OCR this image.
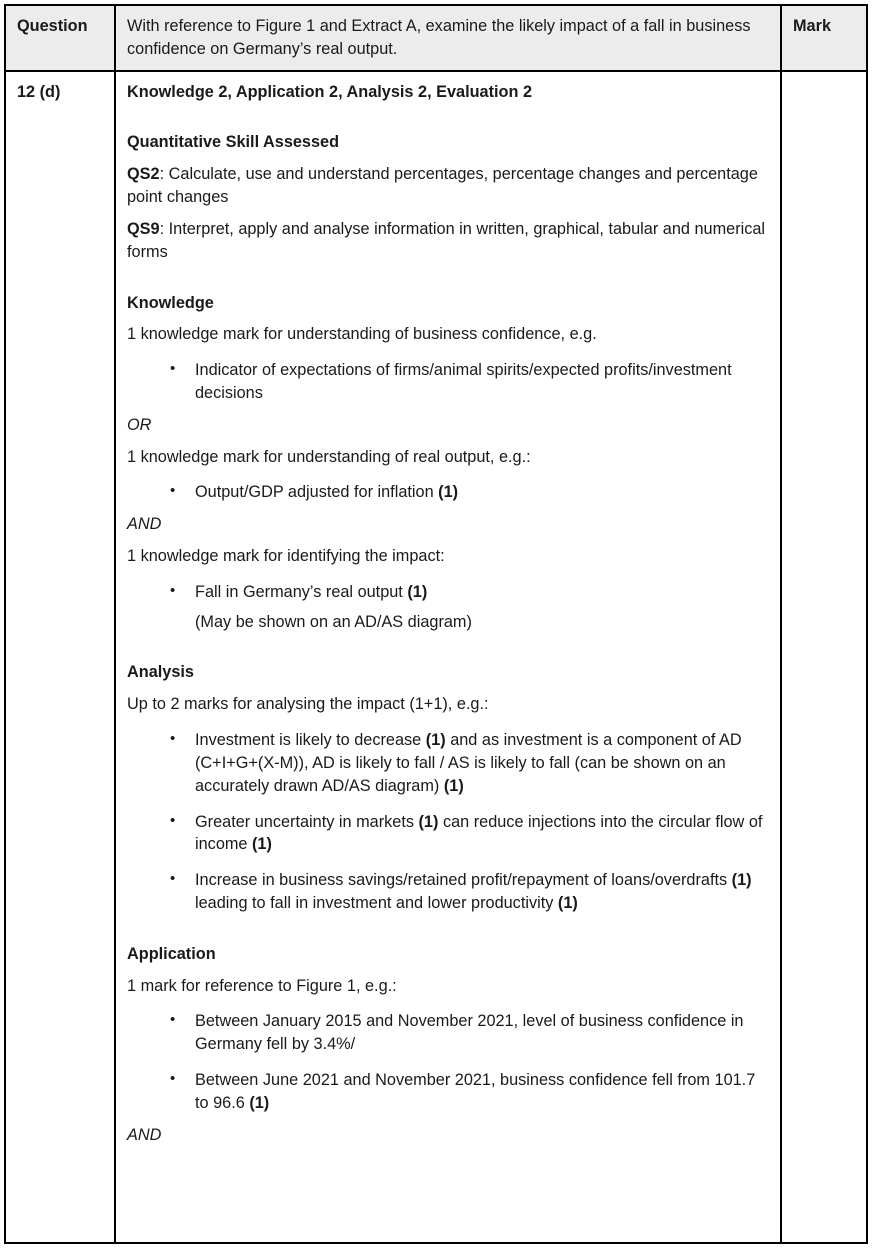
Question	With reference to Figure 1 and Extract A, examine the likely impact of a fall in business confidence on Germany’s real output.
Mark
12 (d)	Knowledge 2, Application 2, Analysis 2, Evaluation 2
Quantitative Skill Assessed
QS2: Calculate, use and understand percentages, percentage changes and percentage point changes
QS9: Interpret, apply and analyse information in written, graphical, tabular and numerical forms
Knowledge
1 knowledge mark for understanding of business confidence, e.g.
• Indicator of expectations of firms/animal spirits/expected profits/investment decisions
OR
1 knowledge mark for understanding of real output, e.g.:
• Output/GDP adjusted for inflation (1)
AND
1 knowledge mark for identifying the impact:
• Fall in Germany’s real output (1)
(May be shown on an AD/AS diagram)
Analysis
Up to 2 marks for analysing the impact (1+1), e.g.:
• Investment is likely to decrease (1) and as investment is a component of AD (C+I+G+(X-M)), AD is likely to fall / AS is likely to fall (can be shown on an accurately drawn AD/AS diagram) (1)
• Greater uncertainty in markets (1) can reduce injections into the circular flow of income (1)
• Increase in business savings/retained profit/repayment of loans/overdrafts (1) leading to fall in investment and lower productivity (1)
Application
1 mark for reference to Figure 1, e.g.:
• Between January 2015 and November 2021, level of business confidence in Germany fell by 3.4%/
• Between June 2021 and November 2021, business confidence fell from 101.7 to 96.6 (1)
AND
